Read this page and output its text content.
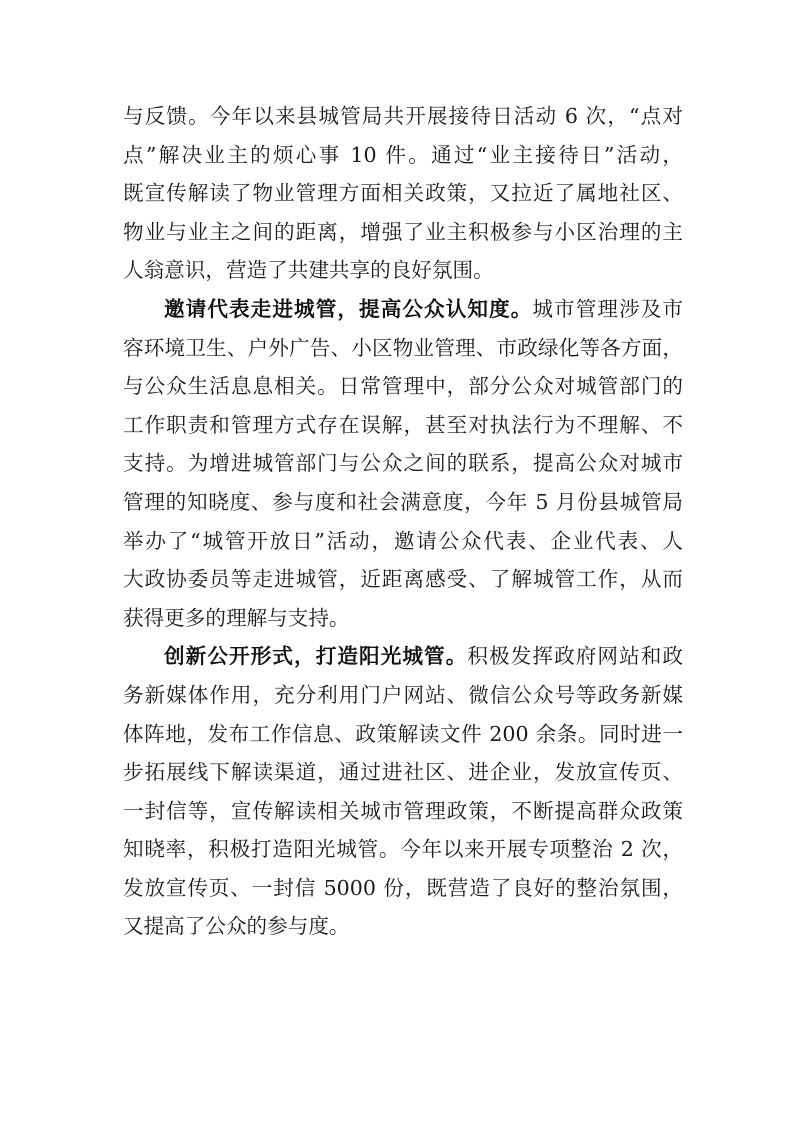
与反馈。今年以来县城管局共开展接待日活动 6 次，“点对
点”解决业主的烦心事 10 件。通过“业主接待日”活动，
既宣传解读了物业管理方面相关政策，又拉近了属地社区、
物业与业主之间的距离，增强了业主积极参与小区治理的主
人翁意识，营造了共建共享的良好氛围。
邀请代表走进城管，提高公众认知度。城市管理涉及市
容环境卫生、户外广告、小区物业管理、市政绿化等各方面，
与公众生活息息相关。日常管理中，部分公众对城管部门的
工作职责和管理方式存在误解，甚至对执法行为不理解、不
支持。为增进城管部门与公众之间的联系，提高公众对城市
管理的知晓度、参与度和社会满意度，今年 5 月份县城管局
举办了“城管开放日”活动，邀请公众代表、企业代表、人
大政协委员等走进城管，近距离感受、了解城管工作，从而
获得更多的理解与支持。
创新公开形式，打造阳光城管。积极发挥政府网站和政
务新媒体作用，充分利用门户网站、微信公众号等政务新媒
体阵地，发布工作信息、政策解读文件 200 余条。同时进一
步拓展线下解读渠道，通过进社区、进企业，发放宣传页、
一封信等，宣传解读相关城市管理政策，不断提高群众政策
知晓率，积极打造阳光城管。今年以来开展专项整治 2 次，
发放宣传页、一封信 5000 份，既营造了良好的整治氛围，
又提高了公众的参与度。
